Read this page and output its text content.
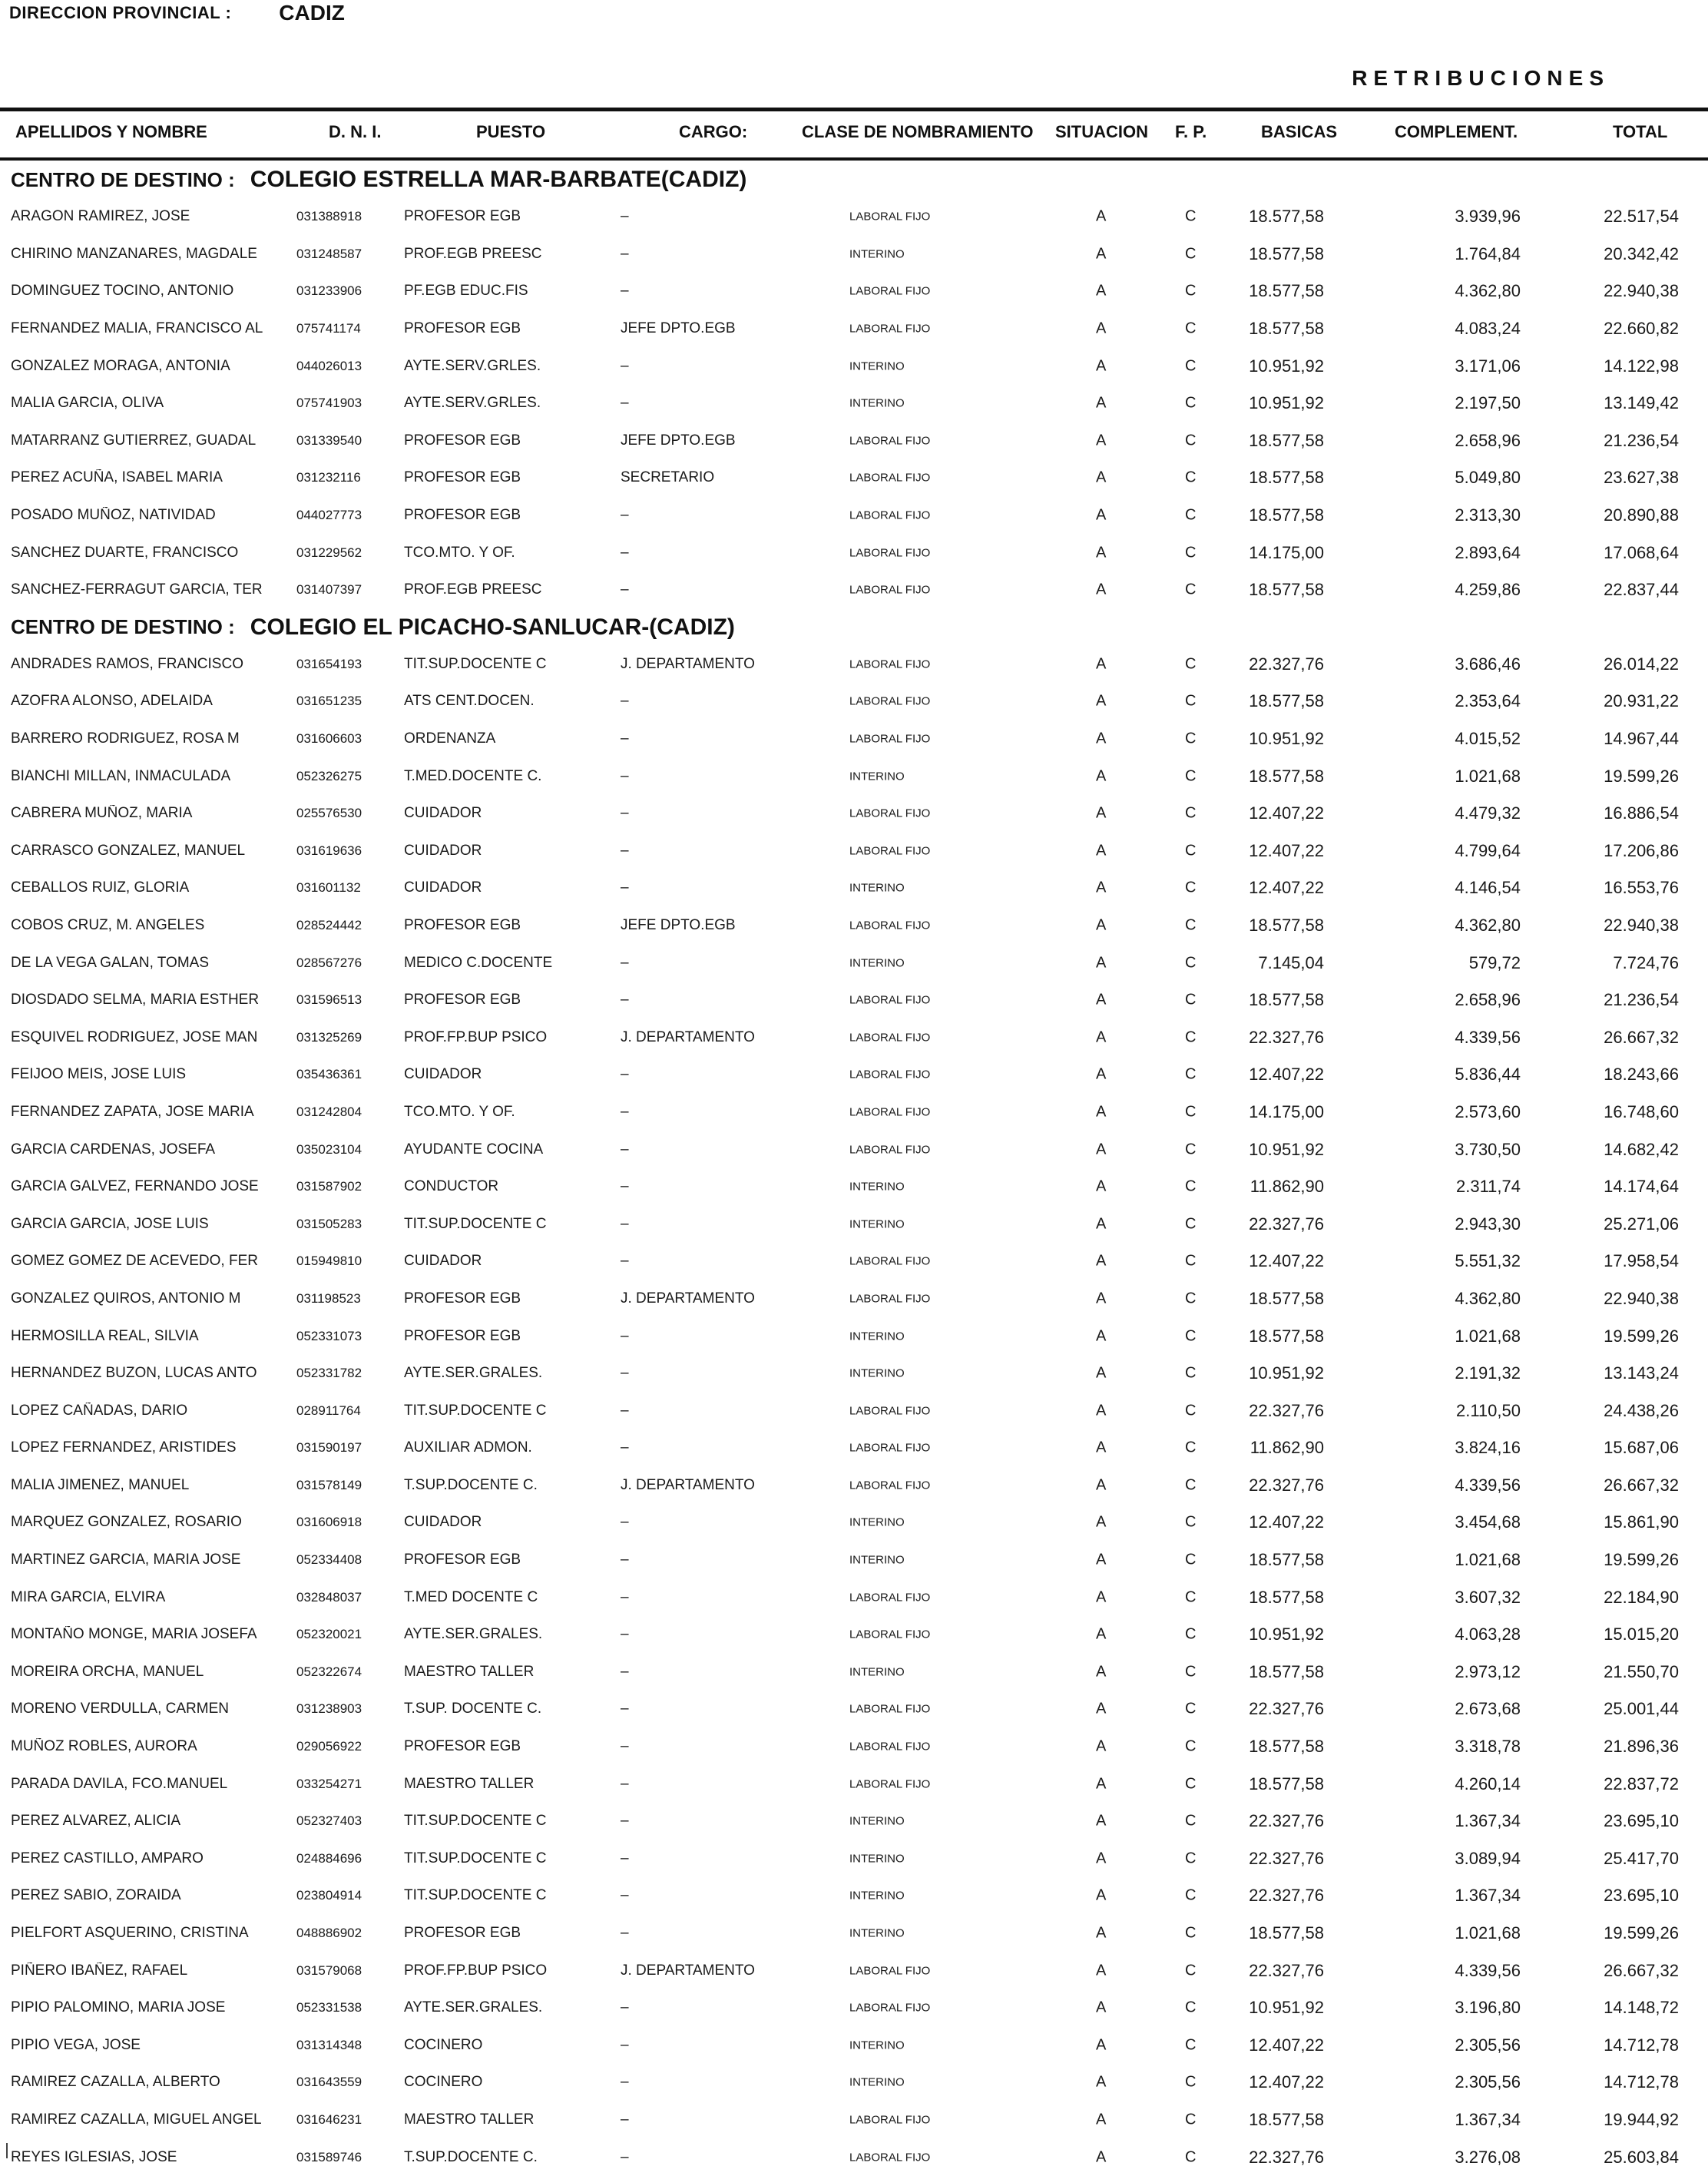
DIRECCION PROVINCIAL : CADIZ
RETRIBUCIONES
APELLIDOS Y NOMBRE	D. N. I.	PUESTO	CARGO:	CLASE DE NOMBRAMIENTO SITUACION F. P.	BASICAS	COMPLEMENT.	TOTAL
CENTRO DE DESTINO : COLEGIO ESTRELLA MAR-BARBATE(CADIZ)
ARAGON RAMIREZ, JOSE	031388918	PROFESOR EGB	–	LABORAL FIJO	A	C	18.577,58	3.939,96	22.517,54
CHIRINO MANZANARES, MAGDALE	031248587	PROF.EGB PREESC	–	INTERINO	A	C	18.577,58	1.764,84	20.342,42
DOMINGUEZ TOCINO, ANTONIO	031233906	PF.EGB EDUC.FIS	–	LABORAL FIJO	A	C	18.577,58	4.362,80	22.940,38
FERNANDEZ MALIA, FRANCISCO AL	075741174	PROFESOR EGB	JEFE DPTO.EGB	LABORAL FIJO	A	C	18.577,58	4.083,24	22.660,82
GONZALEZ MORAGA, ANTONIA	044026013	AYTE.SERV.GRLES.	–	INTERINO	A	C	10.951,92	3.171,06	14.122,98
MALIA GARCIA, OLIVA	075741903	AYTE.SERV.GRLES.	–	INTERINO	A	C	10.951,92	2.197,50	13.149,42
MATARRANZ GUTIERREZ, GUADAL	031339540	PROFESOR EGB	JEFE DPTO.EGB	LABORAL FIJO	A	C	18.577,58	2.658,96	21.236,54
PEREZ ACUÑA, ISABEL MARIA	031232116	PROFESOR EGB	SECRETARIO	LABORAL FIJO	A	C	18.577,58	5.049,80	23.627,38
POSADO MUÑOZ, NATIVIDAD	044027773	PROFESOR EGB	–	LABORAL FIJO	A	C	18.577,58	2.313,30	20.890,88
SANCHEZ DUARTE, FRANCISCO	031229562	TCO.MTO. Y OF.	–	LABORAL FIJO	A	C	14.175,00	2.893,64	17.068,64
SANCHEZ-FERRAGUT GARCIA, TER	031407397	PROF.EGB PREESC	–	LABORAL FIJO	A	C	18.577,58	4.259,86	22.837,44
CENTRO DE DESTINO : COLEGIO EL PICACHO-SANLUCAR-(CADIZ)
ANDRADES RAMOS, FRANCISCO	031654193	TIT.SUP.DOCENTE C	J. DEPARTAMENTO	LABORAL FIJO	A	C	22.327,76	3.686,46	26.014,22
AZOFRA ALONSO, ADELAIDA	031651235	ATS CENT.DOCEN.	–	LABORAL FIJO	A	C	18.577,58	2.353,64	20.931,22
BARRERO RODRIGUEZ, ROSA M	031606603	ORDENANZA	–	LABORAL FIJO	A	C	10.951,92	4.015,52	14.967,44
BIANCHI MILLAN, INMACULADA	052326275	T.MED.DOCENTE C.	–	INTERINO	A	C	18.577,58	1.021,68	19.599,26
CABRERA MUÑOZ, MARIA	025576530	CUIDADOR	–	LABORAL FIJO	A	C	12.407,22	4.479,32	16.886,54
CARRASCO GONZALEZ, MANUEL	031619636	CUIDADOR	–	LABORAL FIJO	A	C	12.407,22	4.799,64	17.206,86
CEBALLOS RUIZ, GLORIA	031601132	CUIDADOR	–	INTERINO	A	C	12.407,22	4.146,54	16.553,76
COBOS CRUZ, M. ANGELES	028524442	PROFESOR EGB	JEFE DPTO.EGB	LABORAL FIJO	A	C	18.577,58	4.362,80	22.940,38
DE LA VEGA GALAN, TOMAS	028567276	MEDICO C.DOCENTE	–	INTERINO	A	C	7.145,04	579,72	7.724,76
DIOSDADO SELMA, MARIA ESTHER	031596513	PROFESOR EGB	–	LABORAL FIJO	A	C	18.577,58	2.658,96	21.236,54
ESQUIVEL RODRIGUEZ, JOSE MAN	031325269	PROF.FP.BUP PSICO	J. DEPARTAMENTO	LABORAL FIJO	A	C	22.327,76	4.339,56	26.667,32
FEIJOO MEIS, JOSE LUIS	035436361	CUIDADOR	–	LABORAL FIJO	A	C	12.407,22	5.836,44	18.243,66
FERNANDEZ ZAPATA, JOSE MARIA	031242804	TCO.MTO. Y OF.	–	LABORAL FIJO	A	C	14.175,00	2.573,60	16.748,60
GARCIA CARDENAS, JOSEFA	035023104	AYUDANTE COCINA	–	LABORAL FIJO	A	C	10.951,92	3.730,50	14.682,42
GARCIA GALVEZ, FERNANDO JOSE	031587902	CONDUCTOR	–	INTERINO	A	C	11.862,90	2.311,74	14.174,64
GARCIA GARCIA, JOSE LUIS	031505283	TIT.SUP.DOCENTE C	–	INTERINO	A	C	22.327,76	2.943,30	25.271,06
GOMEZ GOMEZ DE ACEVEDO, FER	015949810	CUIDADOR	–	LABORAL FIJO	A	C	12.407,22	5.551,32	17.958,54
GONZALEZ QUIROS, ANTONIO M	031198523	PROFESOR EGB	J. DEPARTAMENTO	LABORAL FIJO	A	C	18.577,58	4.362,80	22.940,38
HERMOSILLA REAL, SILVIA	052331073	PROFESOR EGB	–	INTERINO	A	C	18.577,58	1.021,68	19.599,26
HERNANDEZ BUZON, LUCAS ANTO	052331782	AYTE.SER.GRALES.	–	INTERINO	A	C	10.951,92	2.191,32	13.143,24
LOPEZ CAÑADAS, DARIO	028911764	TIT.SUP.DOCENTE C	–	LABORAL FIJO	A	C	22.327,76	2.110,50	24.438,26
LOPEZ FERNANDEZ, ARISTIDES	031590197	AUXILIAR ADMON.	–	LABORAL FIJO	A	C	11.862,90	3.824,16	15.687,06
MALIA JIMENEZ, MANUEL	031578149	T.SUP.DOCENTE C.	J. DEPARTAMENTO	LABORAL FIJO	A	C	22.327,76	4.339,56	26.667,32
MARQUEZ GONZALEZ, ROSARIO	031606918	CUIDADOR	–	INTERINO	A	C	12.407,22	3.454,68	15.861,90
MARTINEZ GARCIA, MARIA JOSE	052334408	PROFESOR EGB	–	INTERINO	A	C	18.577,58	1.021,68	19.599,26
MIRA GARCIA, ELVIRA	032848037	T.MED DOCENTE C	–	LABORAL FIJO	A	C	18.577,58	3.607,32	22.184,90
MONTAÑO MONGE, MARIA JOSEFA	052320021	AYTE.SER.GRALES.	–	LABORAL FIJO	A	C	10.951,92	4.063,28	15.015,20
MOREIRA ORCHA, MANUEL	052322674	MAESTRO TALLER	–	INTERINO	A	C	18.577,58	2.973,12	21.550,70
MORENO VERDULLA, CARMEN	031238903	T.SUP. DOCENTE C.	–	LABORAL FIJO	A	C	22.327,76	2.673,68	25.001,44
MUÑOZ ROBLES, AURORA	029056922	PROFESOR EGB	–	LABORAL FIJO	A	C	18.577,58	3.318,78	21.896,36
PARADA DAVILA, FCO.MANUEL	033254271	MAESTRO TALLER	–	LABORAL FIJO	A	C	18.577,58	4.260,14	22.837,72
PEREZ ALVAREZ, ALICIA	052327403	TIT.SUP.DOCENTE C	–	INTERINO	A	C	22.327,76	1.367,34	23.695,10
PEREZ CASTILLO, AMPARO	024884696	TIT.SUP.DOCENTE C	–	INTERINO	A	C	22.327,76	3.089,94	25.417,70
PEREZ SABIO, ZORAIDA	023804914	TIT.SUP.DOCENTE C	–	INTERINO	A	C	22.327,76	1.367,34	23.695,10
PIELFORT ASQUERINO, CRISTINA	048886902	PROFESOR EGB	–	INTERINO	A	C	18.577,58	1.021,68	19.599,26
PIÑERO IBAÑEZ, RAFAEL	031579068	PROF.FP.BUP PSICO	J. DEPARTAMENTO	LABORAL FIJO	A	C	22.327,76	4.339,56	26.667,32
PIPIO PALOMINO, MARIA JOSE	052331538	AYTE.SER.GRALES.	–	LABORAL FIJO	A	C	10.951,92	3.196,80	14.148,72
PIPIO VEGA, JOSE	031314348	COCINERO	–	INTERINO	A	C	12.407,22	2.305,56	14.712,78
RAMIREZ CAZALLA, ALBERTO	031643559	COCINERO	–	INTERINO	A	C	12.407,22	2.305,56	14.712,78
RAMIREZ CAZALLA, MIGUEL ANGEL	031646231	MAESTRO TALLER	–	LABORAL FIJO	A	C	18.577,58	1.367,34	19.944,92
REYES IGLESIAS, JOSE	031589746	T.SUP.DOCENTE C.	–	LABORAL FIJO	A	C	22.327,76	3.276,08	25.603,84
